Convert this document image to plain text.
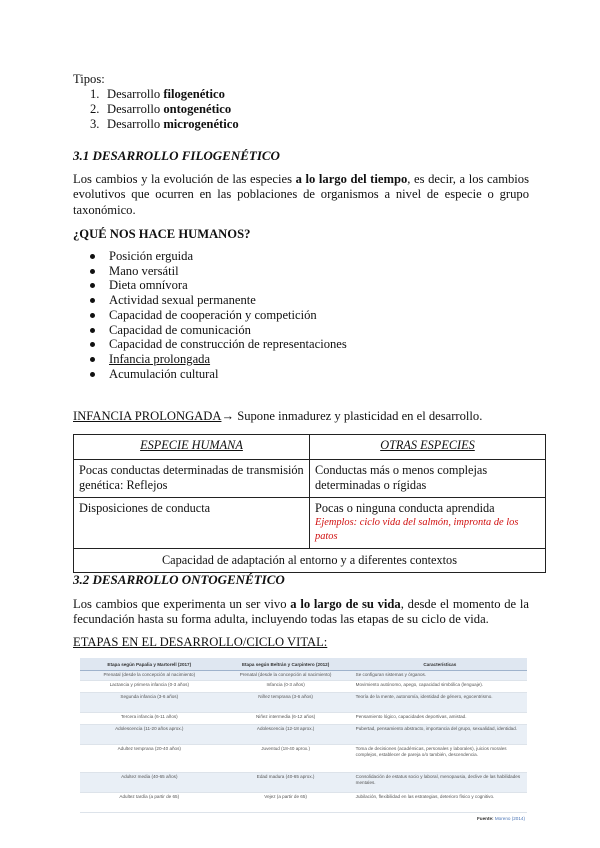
Tipos:

1. Desarrollo filogenético
2. Desarrollo ontogenético
3. Desarrollo microgenético
3.1 DESARROLLO FILOGENÉTICO

Los cambios y la evolución de las especies a lo largo del tiempo, es decir, a los cambios evolutivos que ocurren en las poblaciones de organismos a nivel de especie o grupo taxonómico.

¿QUÉ NOS HACE HUMANOS?
Posición erguida
Mano versátil
Dieta omnívora
Actividad sexual permanente
Capacidad de cooperación y competición
Capacidad de comunicación
Capacidad de construcción de representaciones
Infancia prolongada
Acumulación cultural

INFANCIA PROLONGADA→ Supone inmadurez y plasticidad en el desarrollo.

ESPECIE HUMANA	OTRAS ESPECIES
Pocas conductas determinadas de transmisión genética: Reflejos	Conductas más o menos complejas determinadas o rígidas
Disposiciones de conducta	Pocas o ninguna conducta aprendida
Ejemplos: ciclo vida del salmón, impronta de los patos

Capacidad de adaptación al entorno y a diferentes contextos	
3.2 DESARROLLO ONTOGENÉTICO

Los cambios que experimenta un ser vivo a lo largo de su vida, desde el momento de la fecundación hasta su forma adulta, incluyendo todas las etapas de su ciclo de vida.

ETAPAS EN EL DESARROLLO/CICLO VITAL:
Etapa según Papalia y Martorell (2017)	Etapa según Beltrán y Carpintero (2012)	Características
Prenatal (desde la concepción al nacimiento)	Prenatal (desde la concepción al nacimiento)	Se configuran sistemas y órganos.
Lactancia y primera infancia (0-3 años)	Infancia (0-3 años)	Movimiento autónomo, apego, capacidad simbólica (lenguaje).
Segunda infancia (3-6 años)	Niñez temprana (3-6 años)	Teoría de la mente, autonomía, identidad de género, egocentrismo.
Tercera infancia (6-11 años)	Niñez intermedia (6-12 años)	Pensamiento lógico, capacidades deportivas, amistad.
Adolescencia (11-20 años aprox.)	Adolescencia (12-18 aprox.)	Pubertad, pensamiento abstracto, importancia del grupo, sexualidad, identidad.
Adultez temprana (20-40 años)	Juventud (18-40 aprox.)	Toma de decisiones (académicas, personales y laborales), juicios morales complejos, establecer de pareja o/o también, descendencia.
Adultez media (40-65 años)	Edad madura (40-65 aprox.)	Consolidación de estatus socio y laboral, menopausia, declive de las habilidades mentales.
Adultez tardía (a partir de 65)	Vejez (a partir de 65)	Jubilación, flexibilidad en las estrategias, deterioro físico y cognitivo.
Fuente: Moreno (2014)
